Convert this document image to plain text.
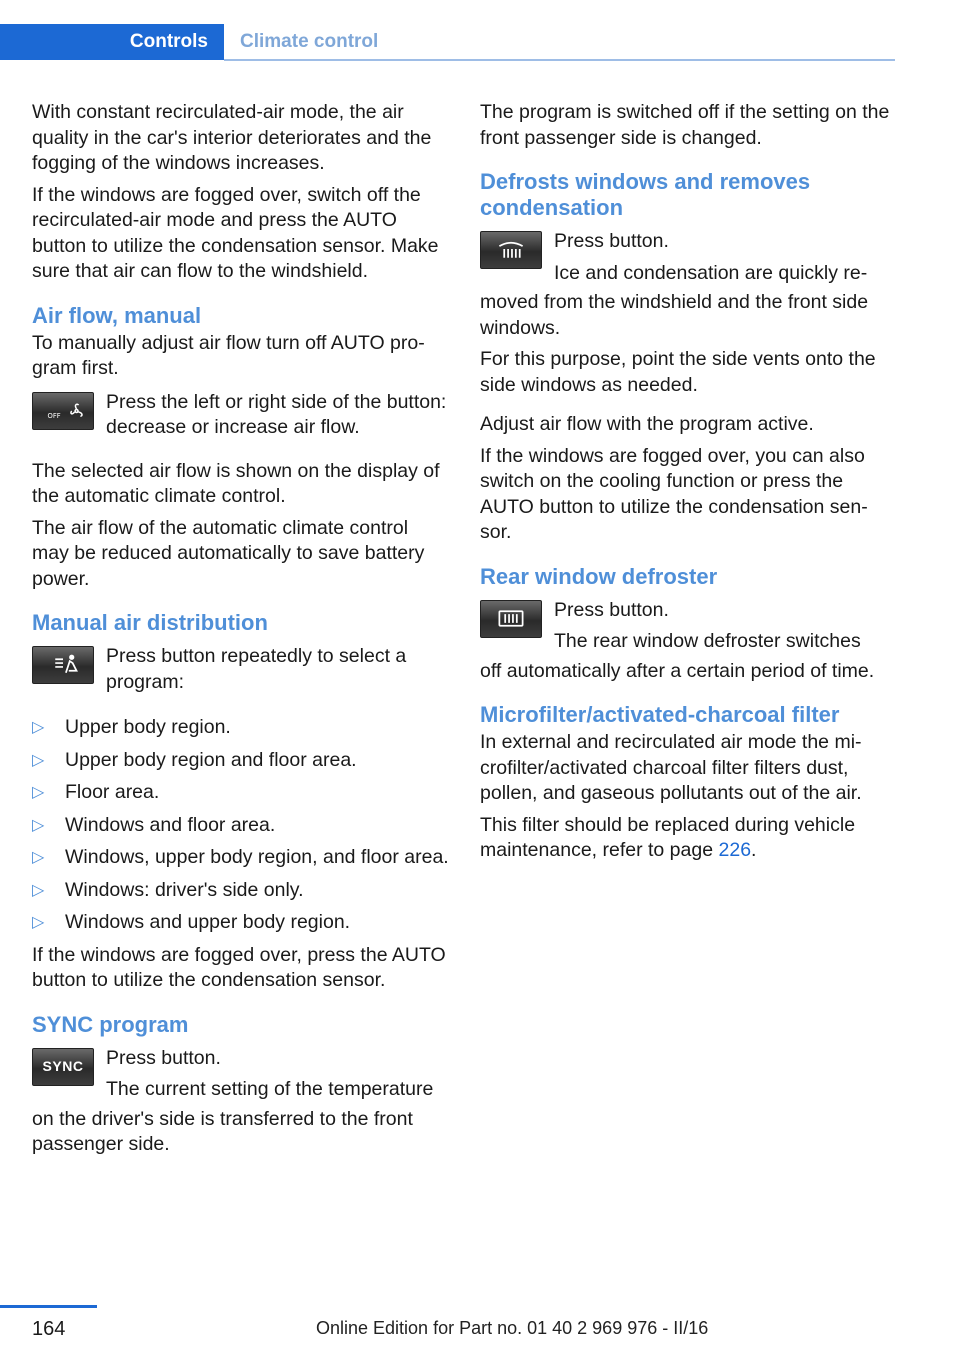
Controls Climate control

With constant recirculated-air mode, the air quality in the car's interior deteriorates and the fogging of the windows increases.

If the windows are fogged over, switch off the recirculated-air mode and press the AUTO button to utilize the condensation sensor. Make sure that air can flow to the windshield.

Air flow, manual

To manually adjust air flow turn off AUTO program first.

OFF

Press the left or right side of the button: decrease or increase air flow.

The selected air flow is shown on the display of the automatic climate control.

The air flow of the automatic climate control may be reduced automatically to save battery power.

Manual air distribution

Press button repeatedly to select a program:

▷ Upper body region.
▷ Upper body region and floor area.
▷ Floor area.
▷ Windows and floor area.
▷ Windows, upper body region, and floor area.
▷ Windows: driver's side only.
▷ Windows and upper body region.

If the windows are fogged over, press the AUTO button to utilize the condensation sensor.

SYNC program
SYNC Press button.

The current setting of the temperature

on the driver's side is transferred to the front passenger side.

The program is switched off if the setting on the front passenger side is changed.

Defrosts windows and removes condensation

Press button.

Ice and condensation are quickly re‑

moved from the windshield and the front side windows.

For this purpose, point the side vents onto the side windows as needed.

Adjust air flow with the program active.

If the windows are fogged over, you can also switch on the cooling function or press the AUTO button to utilize the condensation sensor.

Rear window defroster

Press button.

The rear window defroster switches

off automatically after a certain period of time.

Microfilter/activated-charcoal filter

In external and recirculated air mode the microfilter/activated charcoal filter filters dust, pollen, and gaseous pollutants out of the air.

This filter should be replaced during vehicle maintenance, refer to page 226.

164	Online Edition for Part no. 01 40 2 969 976 - II/16
